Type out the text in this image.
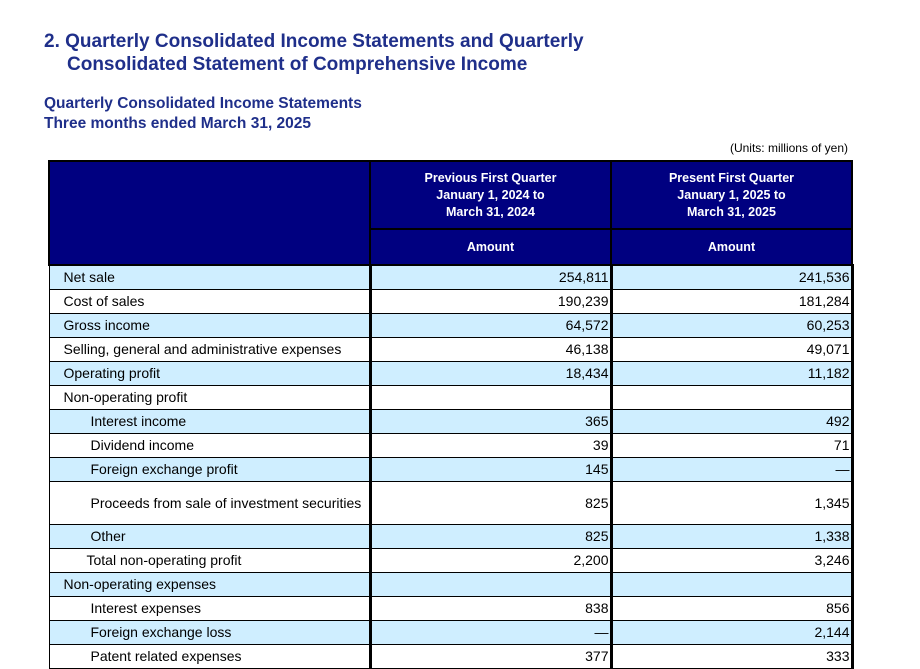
2. Quarterly Consolidated Income Statements and Quarterly
Consolidated Statement of Comprehensive Income
Quarterly Consolidated Income Statements
Three months ended March 31, 2025
(Units: millions of yen)
	Previous First Quarter
January 1, 2024 to
March 31, 2024	Present First Quarter
January 1, 2025 to
March 31, 2025
	Amount	Amount
Net sale	254,811	241,536
Cost of sales	190,239	181,284
Gross income	64,572	60,253
Selling, general and administrative expenses	46,138	49,071
Operating profit	18,434	11,182
Non-operating profit		
Interest income	365	492
Dividend income	39	71
Foreign exchange profit	145	—
Proceeds from sale of investment securities	825	1,345
Other	825	1,338
Total non-operating profit	2,200	3,246
Non-operating expenses		
Interest expenses	838	856
Foreign exchange loss	—	2,144
Patent related expenses	377	333
